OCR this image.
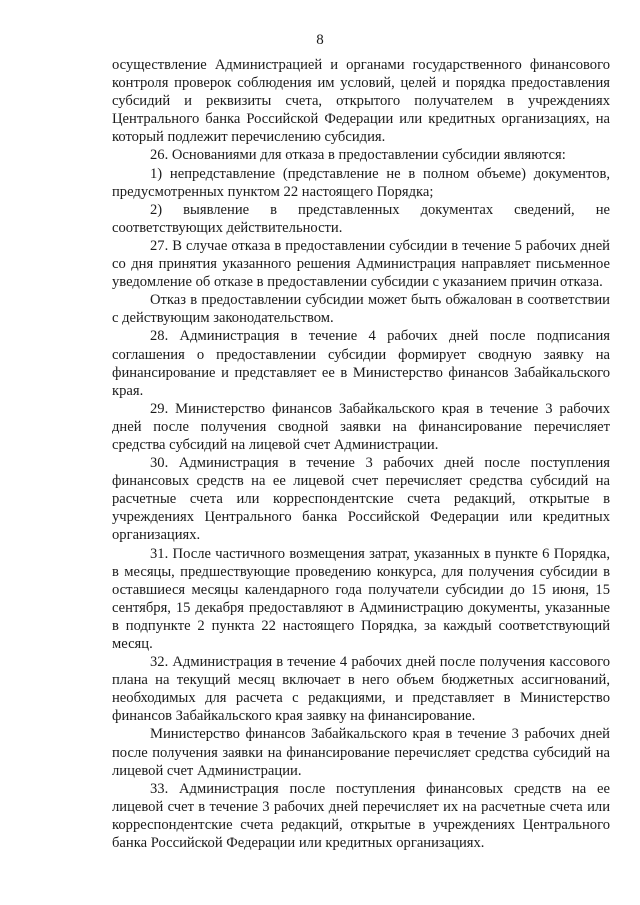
8

осуществление Администрацией и органами государственного финансового контроля проверок соблюдения им условий, целей и порядка предоставления субсидий и реквизиты счета, открытого получателем в учреждениях Центрального банка Российской Федерации или кредитных организациях, на который подлежит перечислению субсидия.

26. Основаниями для отказа в предоставлении субсидии являются:

1) непредставление (представление не в полном объеме) документов, предусмотренных пунктом 22 настоящего Порядка;

2) выявление в представленных документах сведений, не соответствующих действительности.

27. В случае отказа в предоставлении субсидии в течение 5 рабочих дней со дня принятия указанного решения Администрация направляет письменное уведомление об отказе в предоставлении субсидии с указанием причин отказа.

Отказ в предоставлении субсидии может быть обжалован в соответствии с действующим законодательством.

28. Администрация в течение 4 рабочих дней после подписания соглашения о предоставлении субсидии формирует сводную заявку на финансирование и представляет ее в Министерство финансов Забайкальского края.

29. Министерство финансов Забайкальского края в течение 3 рабочих дней после получения сводной заявки на финансирование перечисляет средства субсидий на лицевой счет Администрации.

30. Администрация в течение 3 рабочих дней после поступления финансовых средств на ее лицевой счет перечисляет средства субсидий на расчетные счета или корреспондентские счета редакций, открытые в учреждениях Центрального банка Российской Федерации или кредитных организациях.

31. После частичного возмещения затрат, указанных в пункте 6 Порядка, в месяцы, предшествующие проведению конкурса, для получения субсидии в оставшиеся месяцы календарного года получатели субсидии до 15 июня, 15 сентября, 15 декабря предоставляют в Администрацию документы, указанные в подпункте 2 пункта 22 настоящего Порядка, за каждый соответствующий месяц.

32. Администрация в течение 4 рабочих дней после получения кассового плана на текущий месяц включает в него объем бюджетных ассигнований, необходимых для расчета с редакциями, и представляет в Министерство финансов Забайкальского края заявку на финансирование.

Министерство финансов Забайкальского края в течение 3 рабочих дней после получения заявки на финансирование перечисляет средства субсидий на лицевой счет Администрации.

33. Администрация после поступления финансовых средств на ее лицевой счет в течение 3 рабочих дней перечисляет их на расчетные счета или корреспондентские счета редакций, открытые в учреждениях Центрального банка Российской Федерации или кредитных организациях.
